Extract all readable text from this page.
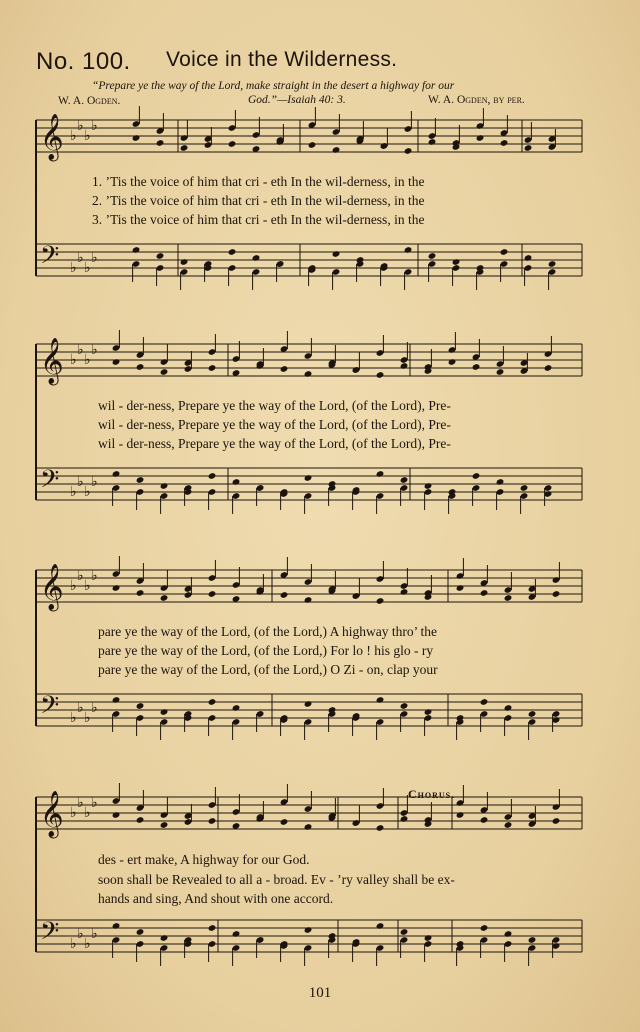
No. 100. Voice in the Wilderness.
“Prepare ye the way of the Lord, make straight in the desert a highway for our
God.”—Isaiah 40: 3.
W. A. Ogden.	W. A. Ogden, by per.
𝄞
𝄢
♭
♭
♭
♭
♭
♭
♭
♭
𝄞
𝄢
♭
♭
♭
♭
♭
♭
♭
♭
𝄞
𝄢
♭
♭
♭
♭
♭
♭
♭
♭
𝄞
𝄢
♭
♭
♭
♭
♭
♭
♭
♭
1. ’Tis the voice of him that cri - eth In the wil-derness, in the
2. ’Tis the voice of him that cri - eth In the wil-derness, in the
3. ’Tis the voice of him that cri - eth In the wil-derness, in the
wil - der-ness, Prepare ye the way of the Lord, (of the Lord), Pre-
wil - der-ness, Prepare ye the way of the Lord, (of the Lord), Pre-
wil - der-ness, Prepare ye the way of the Lord, (of the Lord), Pre-
pare ye the way of the Lord, (of the Lord,) A highway thro’ the
pare ye the way of the Lord, (of the Lord,) For lo ! his glo - ry
pare ye the way of the Lord, (of the Lord,) O Zi - on, clap your
Chorus.
des - ert make, A highway for our God.
soon shall be Revealed to all a - broad. Ev - ’ry valley shall be ex-
hands and sing, And shout with one accord.
101
